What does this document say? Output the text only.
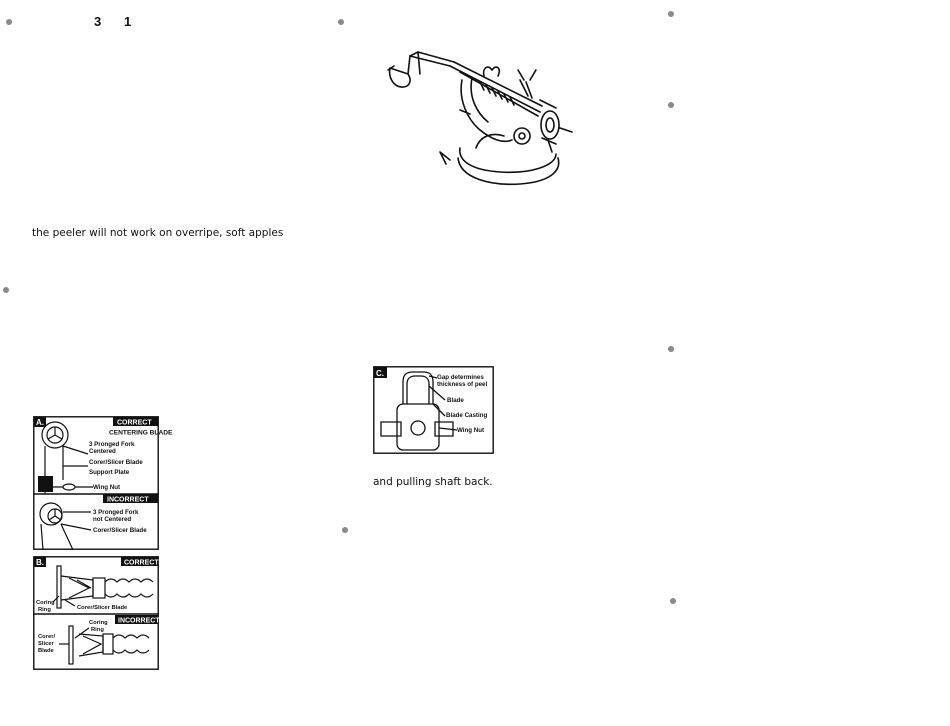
3 1
the peeler will not work on overripe, soft apples
and pulling shaft back.
A.	CORRECT
CENTERING BLADE
3 Pronged Fork
Centered
Corer/Slicer Blade
Support Plate
Wing Nut
INCORRECT
3 Pronged Fork
not Centered
Corer/Slicer Blade
B.	CORRECT
Coring
Ring	Corer/Slicer Blade
INCORRECT
Coring
Ring
Corer/
Slicer
Blade
C.	Gap determines
thickness of peel
Blade
Blade Casting
Wing Nut
